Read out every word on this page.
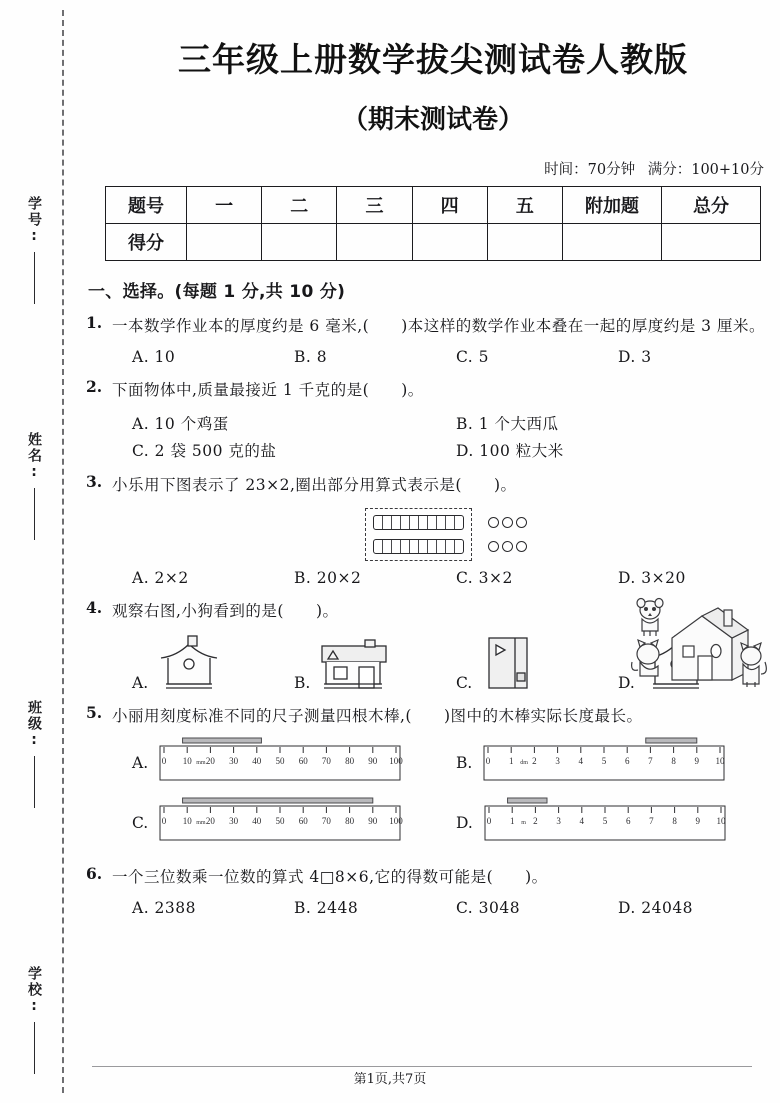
学号:
姓名:
班级:
学校:
三年级上册数学拔尖测试卷人教版
（期末测试卷）
时间：70分钟 满分：100+10分
题号	一	二	三	四	五	附加题	总分
得分							
一、选择。(每题 1 分,共 10 分)
1. 一本数学作业本的厚度约是 6 毫米,(　　)本这样的数学作业本叠在一起的厚度约是 3 厘米。
A. 10	B. 8	C. 5	D. 3
2. 下面物体中,质量最接近 1 千克的是(　　)。
A. 10 个鸡蛋	B. 1 个大西瓜
C. 2 袋 500 克的盐	D. 100 粒大米
3. 小乐用下图表示了 23×2,圈出部分用算式表示是(　　)。
A. 2×2	B. 20×2	C. 3×2	D. 3×20
4. 观察右图,小狗看到的是(　　)。
A.	B.	C.	D.
5. 小丽用刻度标准不同的尺子测量四根木棒,(　　)图中的木棒实际长度最长。
A. 0 10 mm 20 30 40 50 60 70 80 90 100	B. 0 1 dm 2 3 4 5 6 7 8 9 10
C. 0 10 mm 20 30 40 50 60 70 80 90 100	D. 0 1 m 2 3 4 5 6 7 8 9 10
6. 一个三位数乘一位数的算式 4□8×6,它的得数可能是(　　)。
A. 2388	B. 2448	C. 3048	D. 24048
第1页,共7页
